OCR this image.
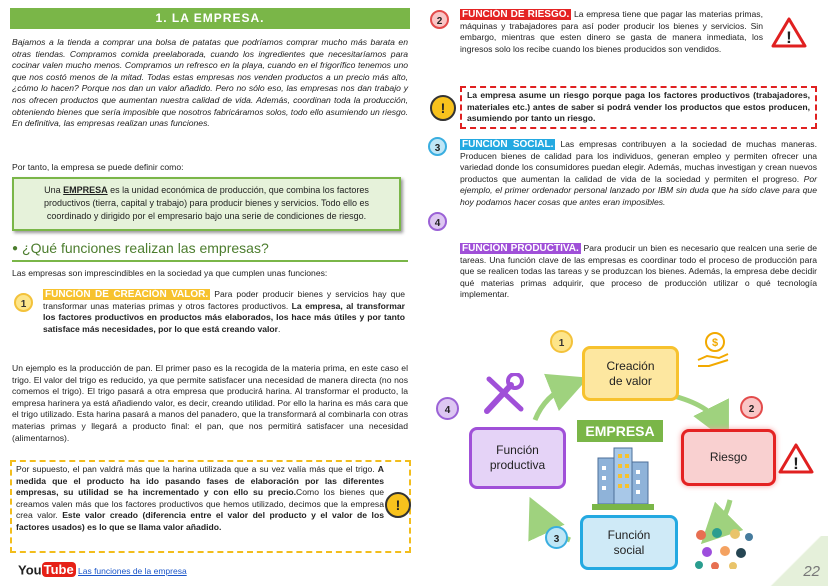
1. LA EMPRESA.
Bajamos a la tienda a comprar una bolsa de patatas que podríamos comprar mucho más barata en otras tiendas. Compramos comida preelaborada, cuando los ingredientes que necesitaríamos para cocinar valen mucho menos. Compramos un refresco en la playa, cuando en el frigorífico tenemos uno que nos costó menos de la mitad. Todas estas empresas nos venden productos a un precio más alto, ¿cómo lo hacen? Porque nos dan un valor añadido. Pero no sólo eso, las empresas nos dan trabajo y nos ofrecen productos que aumentan nuestra calidad de vida. Además, coordinan toda la producción, obteniendo bienes que sería imposible que nosotros fabricáramos solos, todo ello asumiendo un riesgo. En definitiva, las empresas realizan unas funciones.
Por tanto, la empresa se puede definir como:
Una EMPRESA es la unidad económica de producción, que combina los factores productivos (tierra, capital y trabajo) para producir bienes y servicios. Todo ello es coordinado y dirigido por el empresario bajo una serie de condiciones de riesgo.
● ¿Qué funciones realizan las empresas?
Las empresas son imprescindibles en la sociedad ya que cumplen unas funciones:
1
FUNCIÓN DE CREACIÓN VALOR. Para poder producir bienes y servicios hay que transformar unas materias primas y otros factores productivos. La empresa, al transformar los factores productivos en productos más elaborados, los hace más útiles y por tanto satisface más necesidades, por lo que está creando valor.
Un ejemplo es la producción de pan. El primer paso es la recogida de la materia prima, en este caso el trigo. El valor del trigo es reducido, ya que permite satisfacer una necesidad de manera directa (no nos comemos el trigo). El trigo pasará a otra empresa que producirá harina. Al transformar el producto, la empresa harinera ya está añadiendo valor, es decir, creando utilidad. Por ello la harina es más cara que el trigo utilizado. Esta harina pasará a manos del panadero, que la transformará al combinarla con otras materias primas y llegará a producto final: el pan, que nos permitirá satisfacer una necesidad (alimentarnos).
Por supuesto, el pan valdrá más que la harina utilizada que a su vez valía más que el trigo. A medida que el producto ha ido pasando fases de elaboración por las diferentes empresas, su utilidad se ha incrementado y con ello su precio.Como los bienes que creamos valen más que los factores productivos que hemos utilizado, decimos que la empresa crea valor. Este valor creado (diferencia entre el valor del producto y el valor de los factores usados) es lo que se llama valor añadido.
!
You Tube Las funciones de la empresa
2
FUNCIÓN DE RIESGO. La empresa tiene que pagar las materias primas, máquinas y trabajadores para así poder producir los bienes y servicios. Sin embargo, mientras que esten dinero se gasta de manera inmediata, los ingresos solo los recibe cuando los bienes producidos son vendidos.
!
!
La empresa asume un riesgo porque paga los factores productivos (trabajadores, materiales etc.) antes de saber si podrá vender los productos que estos producen, asumiendo por tanto un riesgo.
3	FUNCIÓN SOCIAL. Las empresas contribuyen a la sociedad de muchas maneras. Producen bienes de calidad para los individuos, generan empleo y permiten ofrecer una variedad donde los consumidores puedan elegir. Además, muchas investigan y crean nuevos productos que aumentan la calidad de vida de la sociedad y permiten el progreso. Por ejemplo, el primer ordenador personal lanzado por IBM sin duda que ha sido clave para que hoy podamos hacer cosas que antes eran imposibles.
4
FUNCIÓN PRODUCTIVA. Para producir un bien es necesario que realcen una serie de tareas. Una función clave de las empresas es coordinar todo el proceso de producción para que se realicen todas las tareas y se produzcan los bienes. Además, la empresa debe decidir qué materias primas adquirir, que proceso de producción utilizar o qué tecnología implementar.
1
Creación
de valor
$
2
Riesgo	!
3	Función
social
4
Función
productiva
EMPRESA
22
